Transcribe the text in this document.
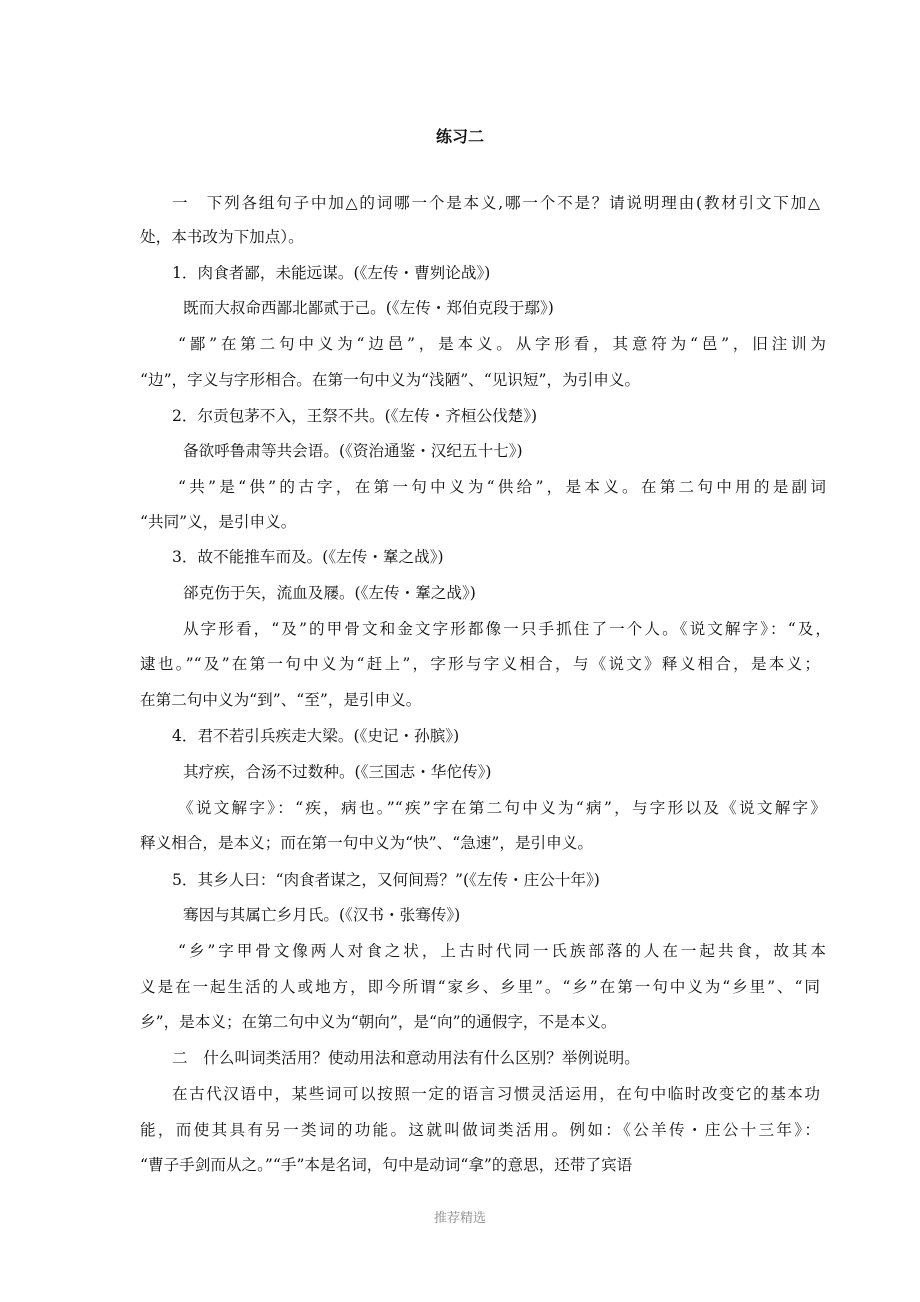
练习二
一　下列各组句子中加△的词哪一个是本义,哪一个不是？请说明理由(教材引文下加△
处，本书改为下加点）。
1．肉食者鄙，未能远谋。(《左传・曹刿论战》)
既而大叔命西鄙北鄙贰于己。(《左传・郑伯克段于鄢》)
“鄙”在第二句中义为“边邑”，是本义。从字形看，其意符为“邑”，旧注训为
“边”，字义与字形相合。在第一句中义为“浅陋”、“见识短”，为引申义。
2．尔贡包茅不入，王祭不共。(《左传・齐桓公伐楚》)
备欲呼鲁肃等共会语。(《资治通鉴・汉纪五十七》)
“共”是“供”的古字，在第一句中义为“供给”，是本义。在第二句中用的是副词
“共同”义，是引申义。
3．故不能推车而及。(《左传・鞌之战》)
郤克伤于矢，流血及屦。(《左传・鞌之战》)
从字形看，“及”的甲骨文和金文字形都像一只手抓住了一个人。《说文解字》：“及，
逮也。”“及”在第一句中义为“赶上”，字形与字义相合，与《说文》释义相合，是本义；
在第二句中义为“到”、“至”，是引申义。
4．君不若引兵疾走大梁。(《史记・孙膑》)
其疗疾，合汤不过数种。(《三国志・华佗传》)
《说文解字》：“疾，病也。”“疾”字在第二句中义为“病”，与字形以及《说文解字》
释义相合，是本义；而在第一句中义为“快”、“急速”，是引申义。
5．其乡人曰：“肉食者谋之，又何间焉？”(《左传・庄公十年》)
骞因与其属亡乡月氏。(《汉书・张骞传》)
“乡”字甲骨文像两人对食之状，上古时代同一氏族部落的人在一起共食，故其本
义是在一起生活的人或地方，即今所谓“家乡、乡里”。“乡”在第一句中义为“乡里”、“同
乡”，是本义；在第二句中义为“朝向”，是“向”的通假字，不是本义。
二　什么叫词类活用？使动用法和意动用法有什么区别？举例说明。
在古代汉语中，某些词可以按照一定的语言习惯灵活运用，在句中临时改变它的基本功
能，而使其具有另一类词的功能。这就叫做词类活用。例如：《公羊传・庄公十三年》：
“曹子手剑而从之。”“手”本是名词，句中是动词“拿”的意思，还带了宾语
推荐精选
